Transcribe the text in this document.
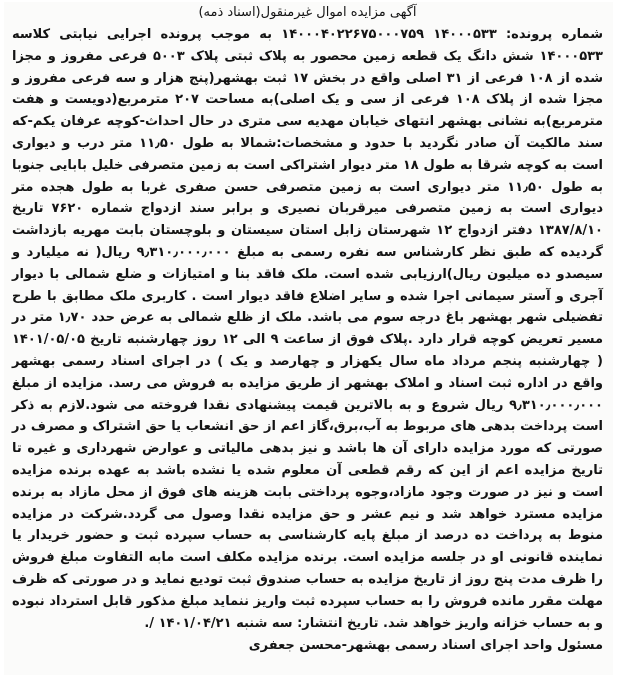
آگهی مزایده اموال غیرمنقول(اسناد ذمه)

شماره پرونده: ۱۴۰۰۰۵۳۳ ۱۴۰۰۰۴۰۲۲۶۷۵۰۰۰۷۵۹ به موجب پرونده اجرایی نیابتی کلاسه ۱۴۰۰۰۵۳۳ شش دانگ یک قطعه زمین محصور به پلاک ثبتی پلاک ۵۰۰۳ فرعی مفروز و مجزا شده از ۱۰۸ فرعی از ۳۱ اصلی واقع در بخش ۱۷ ثبت بهشهر(پنج هزار و سه فرعی مفروز و مجزا شده از پلاک ۱۰۸ فرعی از سی و یک اصلی)به مساحت ۲۰۷ مترمربع(دویست و هفت مترمربع)به نشانی بهشهر انتهای خیابان مهدیه سی متری در حال احداث-کوچه عرفان یکم-که سند مالکیت آن صادر نگردید با حدود و مشخصات:شمالا به طول ۱۱٫۵۰ متر درب و دیواری است به کوچه شرقا به طول ۱۸ متر دیوار اشتراکی است به زمین متصرفی خلیل بابایی جنوبا به طول ۱۱٫۵۰ متر دیواری است به زمین متصرفی حسن صفری غربا به طول هجده متر دیواری است به زمین متصرفی میرقربان نصیری و برابر سند ازدواج شماره ۷۶۲۰ تاریخ ۱۳۸۷/۸/۱۰ دفتر ازدواج ۱۲ شهرستان زابل استان سیستان و بلوچستان بابت مهریه بازداشت گردیده که طبق نظر کارشناس سه نفره رسمی به مبلغ ۹٫۳۱۰٫۰۰۰٫۰۰۰ ریال( نه میلیارد و سیصدو ده میلیون ریال)ارزیابی شده است. ملک فاقد بنا و امتیازات و ضلع شمالی با دیوار آجری و آستر سیمانی اجرا شده و سایر اضلاع فاقد دیوار است . کاربری ملک مطابق با طرح تفضیلی شهر بهشهر باغ درجه سوم می باشد. ملک از ظلع شمالی به عرض حدد ۱٫۷۰ متر در مسیر تعریض کوچه قرار دارد .پلاک فوق از ساعت ۹ الی ۱۲ روز چهارشنبه تاریخ ۱۴۰۱/۰۵/۰۵ ( چهارشنبه پنجم مرداد ماه سال یکهزار و چهارصد و یک ) در اجرای اسناد رسمی بهشهر واقع در اداره ثبت اسناد و املاک بهشهر از طریق مزایده به فروش می رسد. مزایده از مبلغ ۹٫۳۱۰٫۰۰۰٫۰۰۰ ریال شروع و به بالاترین قیمت پیشنهادی نقدا فروخته می شود.لازم به ذکر است پرداخت بدهی های مربوط به آب،برق،گاز اعم از حق انشعاب یا حق اشتراک و مصرف در صورتی که مورد مزایده دارای آن ها باشد و نیز بدهی مالیاتی و عوارض شهرداری و غیره تا تاریخ مزایده اعم از این که رقم قطعی آن معلوم شده یا نشده باشد به عهده برنده مزایده است و نیز در صورت وجود مازاد،وجوه پرداختی بابت هزینه های فوق از محل مازاد به برنده مزایده مسترد خواهد شد و نیم عشر و حق مزایده نقدا وصول می گردد.شرکت در مزایده منوط به پرداخت ده درصد از مبلغ پایه کارشناسی به حساب سپرده ثبت و حضور خریدار یا نماینده قانونی او در جلسه مزایده است. برنده مزایده مکلف است مابه التفاوت مبلغ فروش را ظرف مدت پنج روز از تاریخ مزایده به حساب صندوق ثبت تودیع نماید و در صورتی که ظرف مهلت مقرر مانده فروش را به حساب سپرده ثبت واریز ننماید مبلغ مذکور قابل استرداد نبوده و به حساب خزانه واریز خواهد شد. تاریخ انتشار: سه شنبه ۱۴۰۱/۰۴/۲۱ /.

مسئول واحد اجرای اسناد رسمی بهشهر-محسن جعفری
